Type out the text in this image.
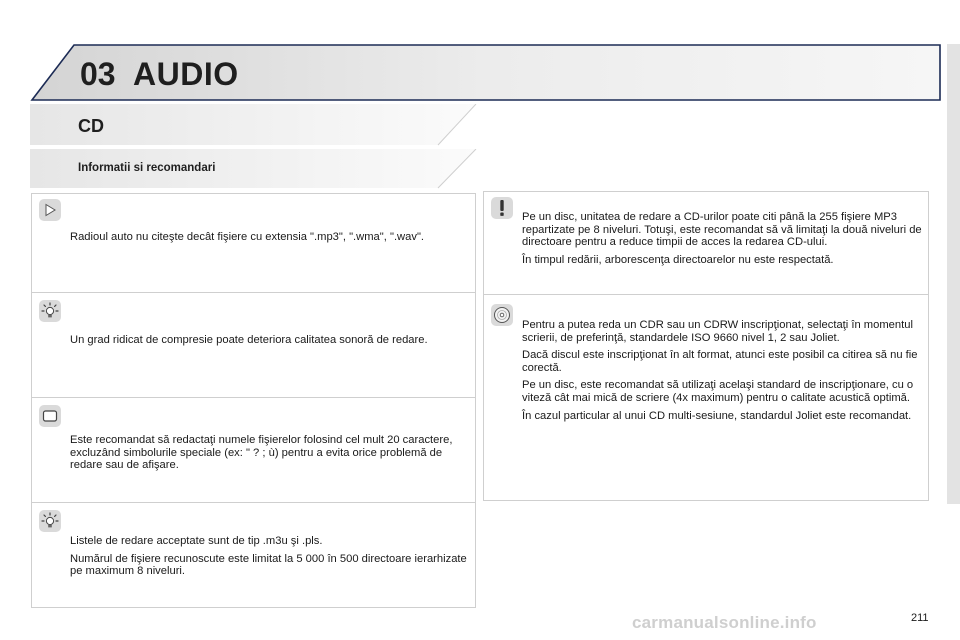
03 AUDIO
CD
Informatii si recomandari

Radioul auto nu citeşte decât fişiere cu extensia ".mp3", ".wma", ".wav".

Un grad ridicat de compresie poate deteriora calitatea sonoră de redare.

Este recomandat să redactaţi numele fişierelor folosind cel mult 20 caractere, excluzând simbolurile speciale (ex: " ? ; ù) pentru a evita orice problemă de redare sau de afişare.

Listele de redare acceptate sunt de tip .m3u şi .pls.

Numărul de fişiere recunoscute este limitat la 5 000 în 500 directoare ierarhizate pe maximum 8 niveluri.

Pe un disc, unitatea de redare a CD-urilor poate citi până la 255 fişiere MP3 repartizate pe 8 niveluri. Totuşi, este recomandat să vă limitaţi la două niveluri de directoare pentru a reduce timpii de acces la redarea CD-ului.

În timpul redării, arborescenţa directoarelor nu este respectată.

Pentru a putea reda un CDR sau un CDRW inscripţionat, selectaţi în momentul scrierii, de preferinţă, standardele ISO 9660 nivel 1, 2 sau Joliet.

Dacă discul este inscripţionat în alt format, atunci este posibil ca citirea să nu fie corectă.

Pe un disc, este recomandat să utilizaţi acelaşi standard de inscripţionare, cu o viteză cât mai mică de scriere (4x maximum) pentru o calitate acustică optimă.

În cazul particular al unui CD multi-sesiune, standardul Joliet este recomandat.

carmanualsonline.info	211
